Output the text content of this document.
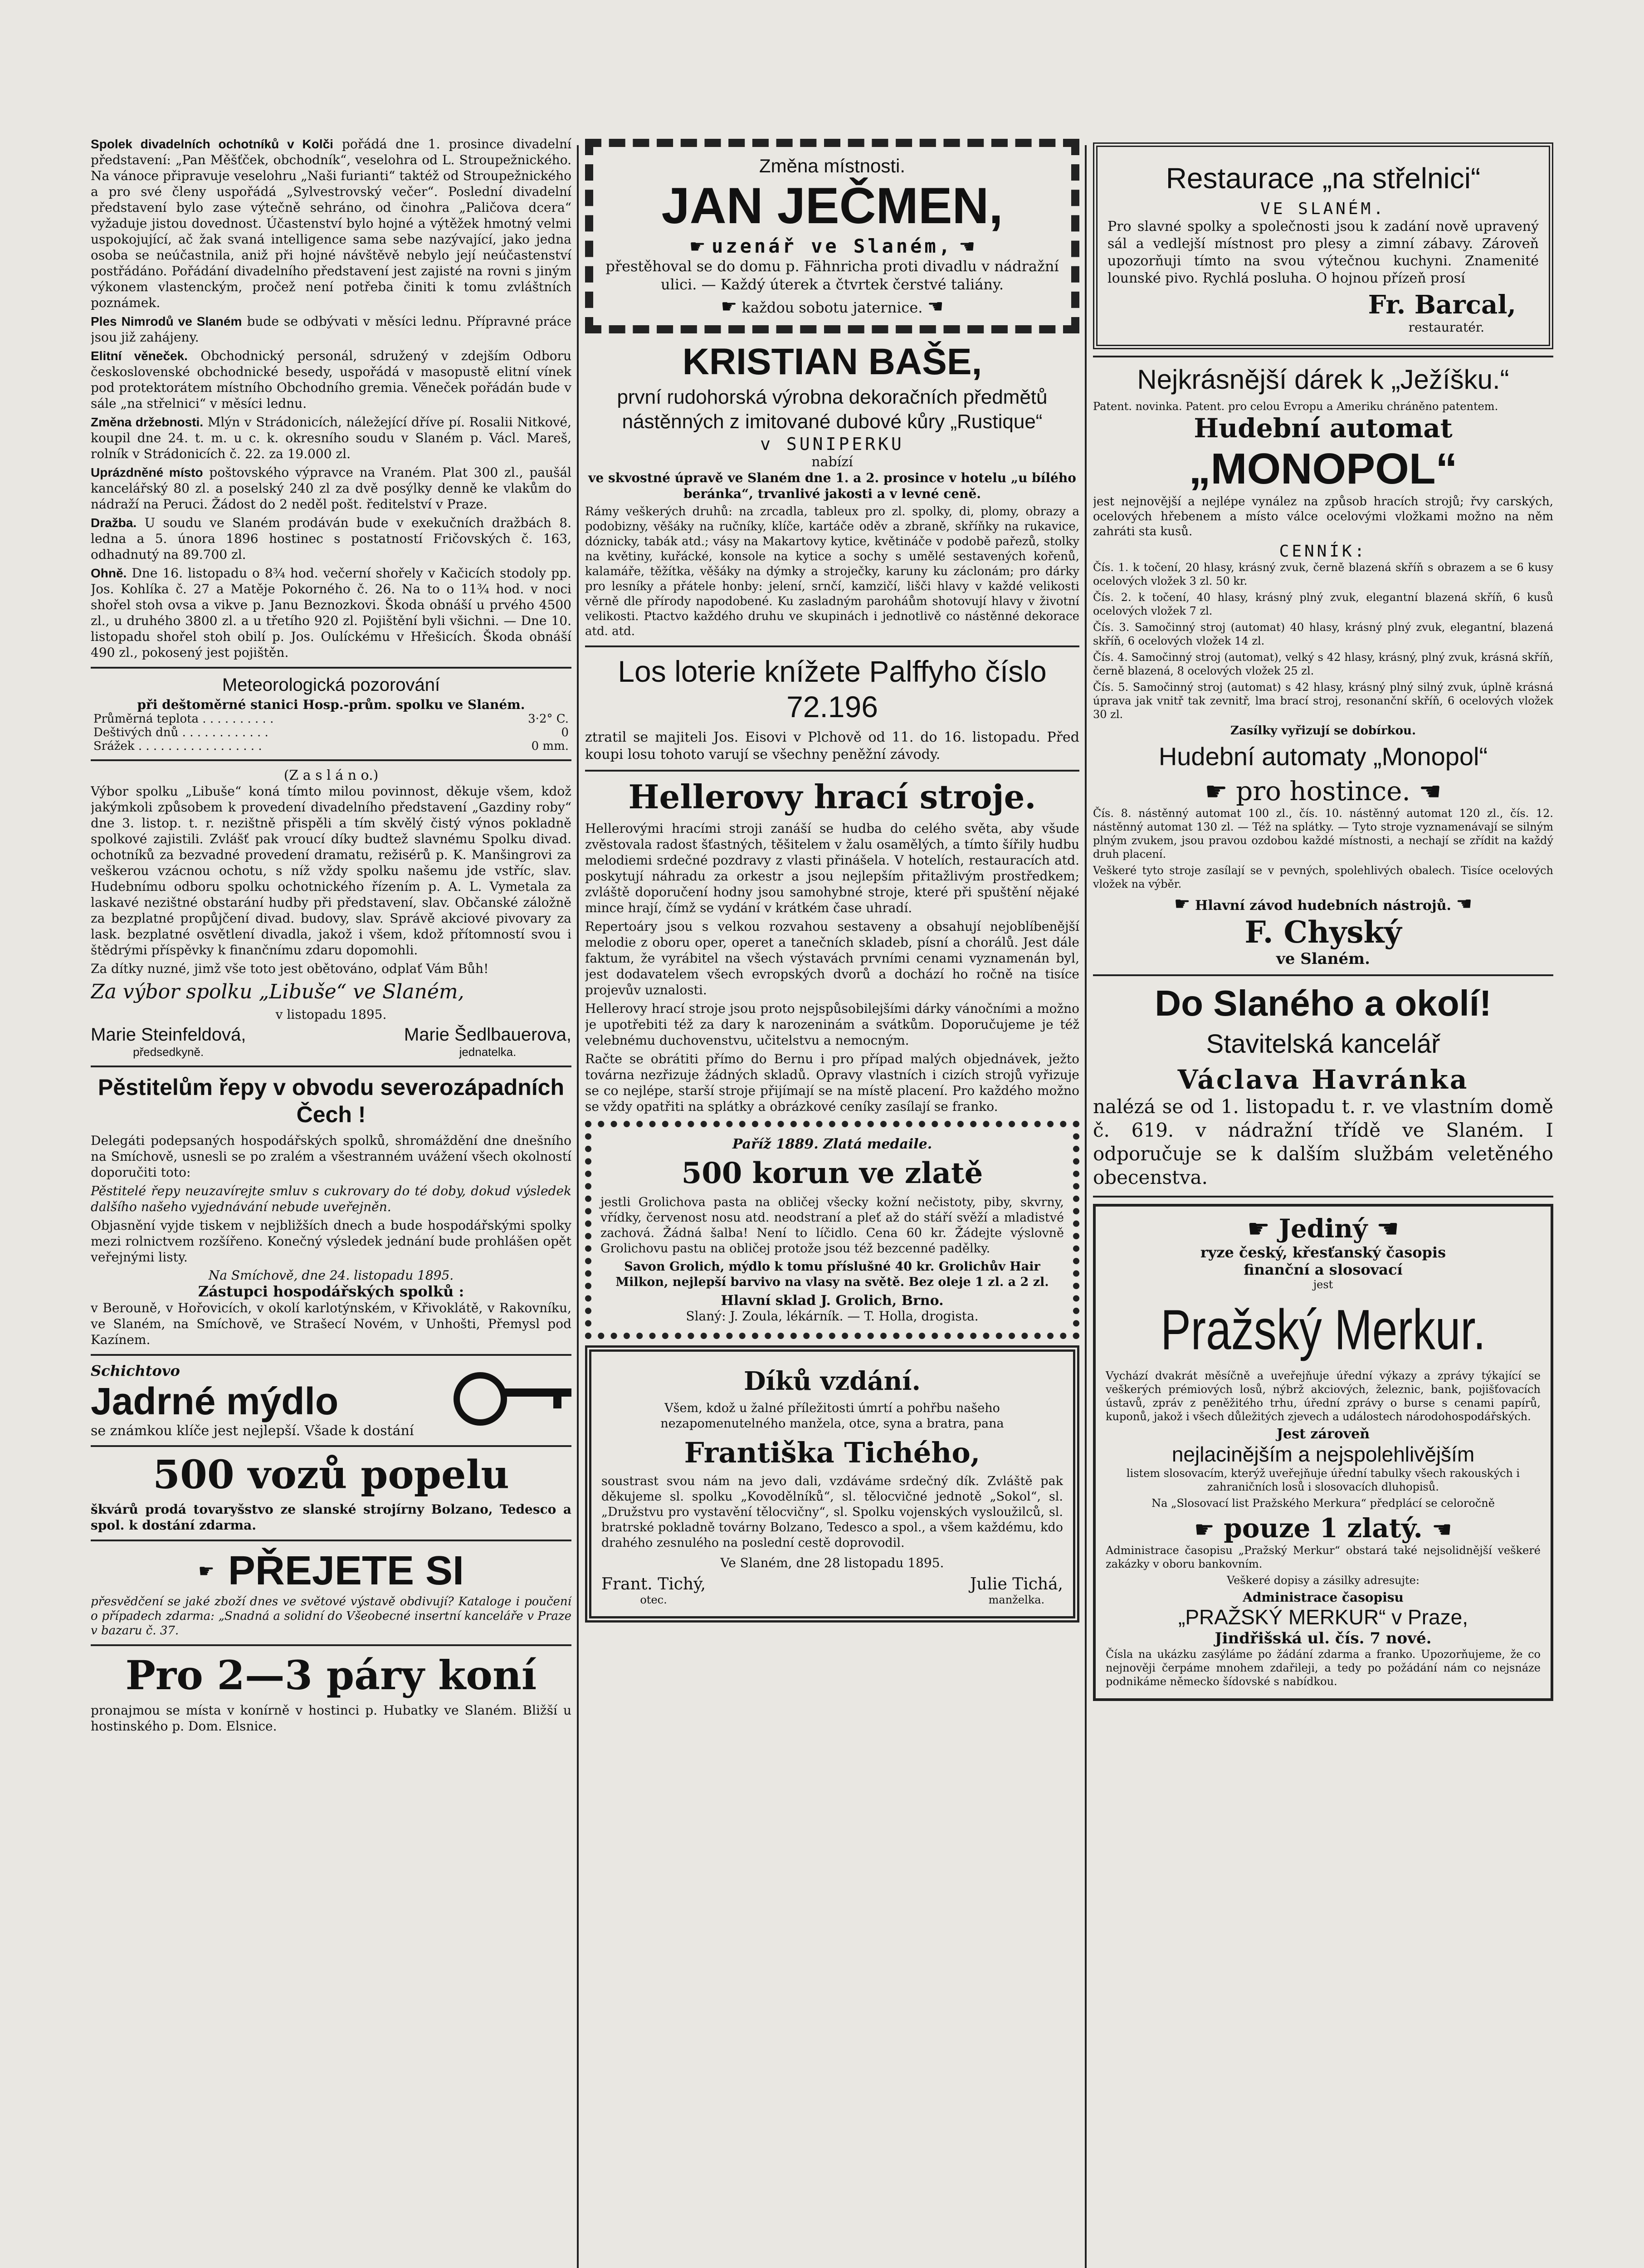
Spolek divadelních ochotníků v Kolči pořádá dne 1. prosince divadelní představení: „Pan Měšťček, obchodník“, veselohra od L. Stroupežnického. Na vánoce připravuje veselohru „Naši furianti“ taktéž od Stroupežnického a pro své členy uspořádá „Sylvestrovský večer“. Poslední divadelní představení bylo zase výtečně sehráno, od činohra „Paličova dcera“ vyžaduje jistou dovednost. Účastenství bylo hojné a výtěžek hmotný velmi uspokojující, ač žak svaná intelligence sama sebe nazývající, jako jedna osoba se neúčastnila, aniž při hojné návštěvě nebylo její neúčastenství postřádáno. Pořádání divadelního představení jest zajisté na rovni s jiným výkonem vlastenckým, pročež není potřeba činiti k tomu zvláštních poznámek.

Ples Nimrodů ve Slaném bude se odbývati v měsíci lednu. Přípravné práce jsou již zahájeny.

Elitní věneček. Obchodnický personál, sdružený v zdejším Odboru československé obchodnické besedy, uspořádá v masopustě elitní vínek pod protektorátem místního Obchodního gremia. Věneček pořádán bude v sále „na střelnici“ v měsíci lednu.

Změna držebnosti. Mlýn v Strádonicích, náležející dříve pí. Rosalii Nitkové, koupil dne 24. t. m. u c. k. okresního soudu v Slaném p. Václ. Mareš, rolník v Strádonicích č. 22. za 19.000 zl.

Uprázdněné místo poštovského výpravce na Vraném. Plat 300 zl., paušál kancelářský 80 zl. a poselský 240 zl za dvě posýlky denně ke vlakům do nádraží na Peruci. Žádost do 2 neděl pošt. ředitelství v Praze.

Dražba. U soudu ve Slaném prodáván bude v exekučních dražbách 8. ledna a 5. února 1896 hostinec s postatností Fričovských č. 163, odhadnutý na 89.700 zl.

Ohně. Dne 16. listopadu o 8¾ hod. večerní shořely v Kačicích stodoly pp. Jos. Kohlíka č. 27 a Matěje Pokorného č. 26. Na to o 11¾ hod. v noci shořel stoh ovsa a vikve p. Janu Beznozkovi. Škoda obnáší u prvého 4500 zl., u druhého 3800 zl. a u třetího 920 zl. Pojištění byli všichni. — Dne 10. listopadu shořel stoh obilí p. Jos. Oulíckému v Hřešicích. Škoda obnáší 490 zl., pokosený jest pojištěn.

Meteorologická pozorování
při deštoměrné stanici Hosp.-prům. spolku ve Slaném.
Průměrná teplota . . . . . . . . . .	3·2° C.
Deštivých dnů . . . . . . . . . . . .	0
Srážek . . . . . . . . . . . . . . . . .	0 mm.
(Z a s l á n o.)

Výbor spolku „Libuše“ koná tímto milou povinnost, děkuje všem, kdož jakýmkoli způsobem k provedení divadelního představení „Gazdiny roby“ dne 3. listop. t. r. nezištně přispěli a tím skvělý čistý výnos pokladně spolkové zajistili. Zvlášť pak vroucí díky budtež slavnému Spolku divad. ochotníků za bezvadné provedení dramatu, režisérů p. K. Manšingrovi za veškerou vzácnou ochotu, s níž vždy spolku našemu jde vstříc, slav. Hudebnímu odboru spolku ochotnického řízením p. A. L. Vymetala za laskavé nezištné obstarání hudby při představení, slav. Občanské záložně za bezplatné propůjčení divad. budovy, slav. Správě akciové pivovary za lask. bezplatné osvětlení divadla, jakož i všem, kdož přítomností svou i štědrými příspěvky k finančnímu zdaru dopomohli.

Za dítky nuzné, jimž vše toto jest obětováno, odplať Vám Bůh!

Za výbor spolku „Libuše“ ve Slaném,
v listopadu 1895.
Marie Steinfeldová,
předsedkyně.
Marie Šedlbauerova,
jednatelka.
Pěstitelům řepy v obvodu severozápadních Čech !

Delegáti podepsaných hospodářských spolků, shromáždění dne dnešního na Smíchově, usnesli se po zralém a všestranném uvážení všech okolností doporučiti toto:

Pěstitelé řepy neuzavírejte smluv s cukrovary do té doby, dokud výsledek dalšího našeho vyjednávání nebude uveřejněn.

Objasnění vyjde tiskem v nejbližších dnech a bude hospodářskými spolky mezi rolnictvem rozšířeno. Konečný výsledek jednání bude prohlášen opět veřejnými listy.

Na Smíchově, dne 24. listopadu 1895.
Zástupci hospodářských spolků :

v Berouně, v Hořovicích, v okolí karlotýnském, v Křivoklátě, v Rakovníku, ve Slaném, na Smíchově, ve Strašecí Novém, v Unhošti, Přemysl pod Kazínem.

Schichtovo
Jadrné mýdlo
se známkou klíče jest nejlepší. Všade k dostání
500 vozů popelu

škvárů prodá tovaryšstvo ze slanské strojírny Bolzano, Tedesco a spol. k dostání zdarma.

☛ PŘEJETE SI

přesvědčení se jaké zboží dnes ve světové výstavě obdivují? Kataloge i poučení o případech zdarma: „Snadná a solidní do Všeobecné insertní kanceláře v Praze v bazaru č. 37.

Pro 2—3 páry koní

pronajmou se místa v konírně v hostinci p. Hubatky ve Slaném. Bližší u hostinského p. Dom. Elsnice.

Změna místnosti.
JAN JEČMEN,
☛ uzenář ve Slaném, ☚

přestěhoval se do domu p. Fähnricha proti divadlu v nádražní ulici. — Každý úterek a čtvrtek čerstvé taliány.

☛ každou sobotu jaternice. ☚
KRISTIAN BAŠE,
první rudohorská výrobna dekoračních předmětů nástěnných z imitované dubové kůry „Rustique“
v SUNIPERKU
nabízí

ve skvostné úpravě ve Slaném dne 1. a 2. prosince v hotelu „u bílého beránka“, trvanlivé jakosti a v levné ceně.

Rámy veškerých druhů: na zrcadla, tableux pro zl. spolky, di, plomy, obrazy a podobizny, věšáky na ručníky, klíče, kartáče oděv a zbraně, skříňky na rukavice, dóznicky, tabák atd.; vásy na Makartovy kytice, květináče v podobě pařezů, stolky na květiny, kuřácké, konsole na kytice a sochy s umělé sestavených kořenů, kalamáře, těžítka, věšáky na dýmky a stroječky, karuny ku záclonám; pro dárky pro lesníky a přátele honby: jelení, srnčí, kamzičí, lišči hlavy v každé velikosti věrně dle přírody napodobené. Ku zasladným paroháům shotovují hlavy v životní velikosti. Ptactvo každého druhu ve skupinách i jednotlivě co nástěnné dekorace atd. atd.

Los loterie knížete Palffyho číslo 72.196

ztratil se majiteli Jos. Eisovi v Plchově od 11. do 16. listopadu. Před koupi losu tohoto varují se všechny peněžní závody.

Hellerovy hrací stroje.

Hellerovými hracími stroji zanáší se hudba do celého světa, aby všude zvěstovala radost šťastných, těšitelem v žalu osamělých, a tímto šířily hudbu melodiemi srdečné pozdravy z vlasti přinášela. V hotelích, restauracích atd. poskytují náhradu za orkestr a jsou nejlepším přitažlivým prostředkem; zvláště doporučení hodny jsou samohybné stroje, které při spuštění nějaké mince hrají, čímž se vydání v krátkém čase uhradí.

Repertoáry jsou s velkou rozvahou sestaveny a obsahují nejoblíbenější melodie z oboru oper, operet a tanečních skladeb, písní a chorálů. Jest dále faktum, že vyrábitel na všech výstavách prvními cenami vyznamenán byl, jest dodavatelem všech evropských dvorů a dochází ho ročně na tisíce projevův uznalosti.

Hellerovy hrací stroje jsou proto nejspůsobilejšími dárky vánočními a možno je upotřebiti též za dary k narozeninám a svátkům. Doporučujeme je též velebnému duchovenstvu, učitelstvu a nemocným.

Račte se obrátiti přímo do Bernu i pro případ malých objednávek, ježto továrna nezřizuje žádných skladů. Opravy vlastních i cizích strojů vyřizuje se co nejlépe, starší stroje přijímají se na místě placení. Pro každého možno se vždy opatřiti na splátky a obrázkové ceníky zasílají se franko.

Paříž 1889. Zlatá medaile.
500 korun ve zlatě

jestli Grolichova pasta na obličej všecky kožní nečistoty, piby, skvrny, vřídky, červenost nosu atd. neodstraní a pleť až do stáří svěží a mladistvé zachová. Žádná šalba! Není to líčidlo. Cena 60 kr. Žádejte výslovně Grolichovu pastu na obličej protože jsou též bezcenné padělky.

Savon Grolich, mýdlo k tomu příslušné 40 kr. Grolichův Hair Milkon, nejlepší barvivo na vlasy na světě. Bez oleje 1 zl. a 2 zl.

Hlavní sklad J. Grolich, Brno.
Slaný: J. Zoula, lékárník. — T. Holla, drogista.
Díků vzdání.

Všem, kdož u žalné příležitosti úmrtí a pohřbu našeho nezapomenutelného manžela, otce, syna a bratra, pana

Františka Tichého,

soustrast svou nám na jevo dali, vzdáváme srdečný dík. Zvláště pak děkujeme sl. spolku „Kovodělníků“, sl. tělocvičné jednotě „Sokol“, sl. „Družstvu pro vystavění tělocvičny“, sl. Spolku vojenských vysloužilců, sl. bratrské pokladně továrny Bolzano, Tedesco a spol., a všem každému, kdo drahého zesnulého na poslední cestě doprovodil.

Ve Slaném, dne 28 listopadu 1895.
Frant. Tichý,
otec.
Julie Tichá,
manželka.
Restaurace „na střelnici“
VE SLANÉM.

Pro slavné spolky a společnosti jsou k zadání nově upravený sál a vedlejší místnost pro plesy a zimní zábavy. Zároveň upozorňuji tímto na svou výtečnou kuchyni. Znamenité lounské pivo. Rychlá posluha. O hojnou přízeň prosí

Fr. Barcal,
restauratér.
Nejkrásnější dárek k „Ježíšku.“
Patent. novinka. Patent. pro celou Evropu a Ameriku chráněno patentem.
Hudební automat
„MONOPOL“

jest nejnovější a nejlépe vynález na způsob hracích strojů; řvy carských, ocelových hřebenem a místo válce ocelovými vložkami možno na něm zahráti sta kusů.

CENNÍK:

Čís. 1. k točení, 20 hlasy, krásný zvuk, černě blazená skříň s obrazem a se 6 kusy ocelových vložek 3 zl. 50 kr.

Čís. 2. k točení, 40 hlasy, krásný plný zvuk, elegantní blazená skříň, 6 kusů ocelových vložek 7 zl.

Čís. 3. Samočinný stroj (automat) 40 hlasy, krásný plný zvuk, elegantní, blazená skříň, 6 ocelových vložek 14 zl.

Čís. 4. Samočinný stroj (automat), velký s 42 hlasy, krásný, plný zvuk, krásná skříň, černě blazená, 8 ocelových vložek 25 zl.

Čís. 5. Samočinný stroj (automat) s 42 hlasy, krásný plný silný zvuk, úplně krásná úprava jak vnitř tak zevnitř, lma brací stroj, resonanční skříň, 6 ocelových vložek 30 zl.

Zasílky vyřizují se dobírkou.
Hudební automaty „Monopol“
☛ pro hostince. ☚

Čís. 8. nástěnný automat 100 zl., čís. 10. nástěnný automat 120 zl., čís. 12. nástěnný automat 130 zl. — Též na splátky. — Tyto stroje vyznamenávají se silným plným zvukem, jsou pravou ozdobou každé místnosti, a nechají se zřídit na každý druh placení.

Veškeré tyto stroje zasílají se v pevných, spolehlivých obalech. Tisíce ocelových vložek na výběr.

☛ Hlavní závod hudebních nástrojů. ☚
F. Chyský
ve Slaném.
Do Slaného a okolí!
Stavitelská kancelář
Václava Havránka

nalézá se od 1. listopadu t. r. ve vlastním domě č. 619. v nádražní třídě ve Slaném. I odporučuje se k dalším službám veletěného obecenstva.

☛ Jediný ☚
ryze český, křesťanský časopis
finanční a slosovací
jest
Pražský Merkur.

Vychází dvakrát měsíčně a uveřejňuje úřední výkazy a zprávy týkající se veškerých prémiových losů, nýbrž akciových, železnic, bank, pojišťovacích ústavů, zpráv z peněžitého trhu, úřední zprávy o burse s cenami papírů, kuponů, jakož i všech důležitých zjevech a událostech národohospodářských.

Jest zároveň
nejlacinějším a nejspolehlivějším

listem slosovacím, kterýž uveřejňuje úřední tabulky všech rakouských i zahraničních losů i slosovacích dluhopisů.

Na „Slosovací list Pražského Merkura“ předplácí se celoročně

☛ pouze 1 zlatý. ☚

Administrace časopisu „Pražský Merkur“ obstará také nejsolidnější veškeré zakázky v oboru bankovním.

Veškeré dopisy a zásilky adresujte:

Administrace časopisu
„PRAŽSKÝ MERKUR“ v Praze,
Jindřišská ul. čís. 7 nové.

Čísla na ukázku zasýláme po žádání zdarma a franko. Upozorňujeme, že co nejnověji čerpáme mnohem zdařileji, a tedy po požádání nám co nejsnáze podnikáme německo šídovské s nabídkou.
